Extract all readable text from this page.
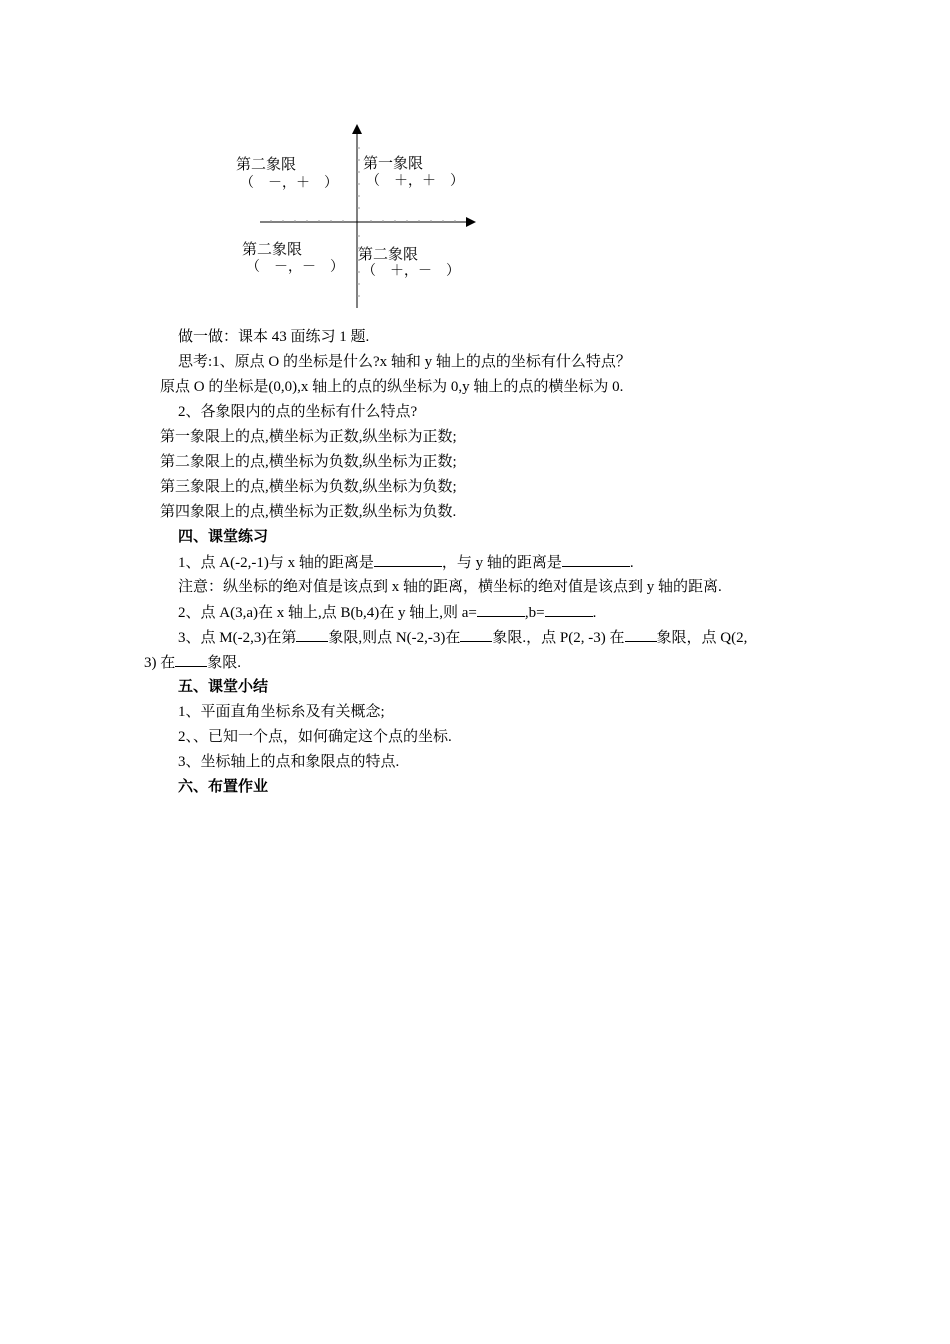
第二象限
（　－，＋　）
第一象限
（　＋，＋　）
第二象限
（　－，－　）
第二象限
（　＋，－　）
做一做：课本 43 面练习 1 题.
思考:1、原点 O 的坐标是什么?x 轴和 y 轴上的点的坐标有什么特点？
原点 O 的坐标是(0,0),x 轴上的点的纵坐标为 0,y 轴上的点的横坐标为 0.
2、各象限内的点的坐标有什么特点?
第一象限上的点,横坐标为正数,纵坐标为正数;
第二象限上的点,横坐标为负数,纵坐标为正数;
第三象限上的点,横坐标为负数,纵坐标为负数;
第四象限上的点,横坐标为正数,纵坐标为负数.
四、课堂练习
1、点 A(-2,-1)与 x 轴的距离是	，与 y 轴的距离是	.
注意：纵坐标的绝对值是该点到 x 轴的距离，横坐标的绝对值是该点到 y 轴的距离.
2、点 A(3,a)在 x 轴上,点 B(b,4)在 y 轴上,则 a=	,b=	.
3、点 M(-2,3)在第 象限,则点 N(-2,-3)在 象限.，点 P(2, -3) 在 象限，点 Q(2,
3) 在 象限.
五、课堂小结
1、平面直角坐标糸及有关概念;
2、、已知一个点，如何确定这个点的坐标.
3、坐标轴上的点和象限点的特点.
六、布置作业
